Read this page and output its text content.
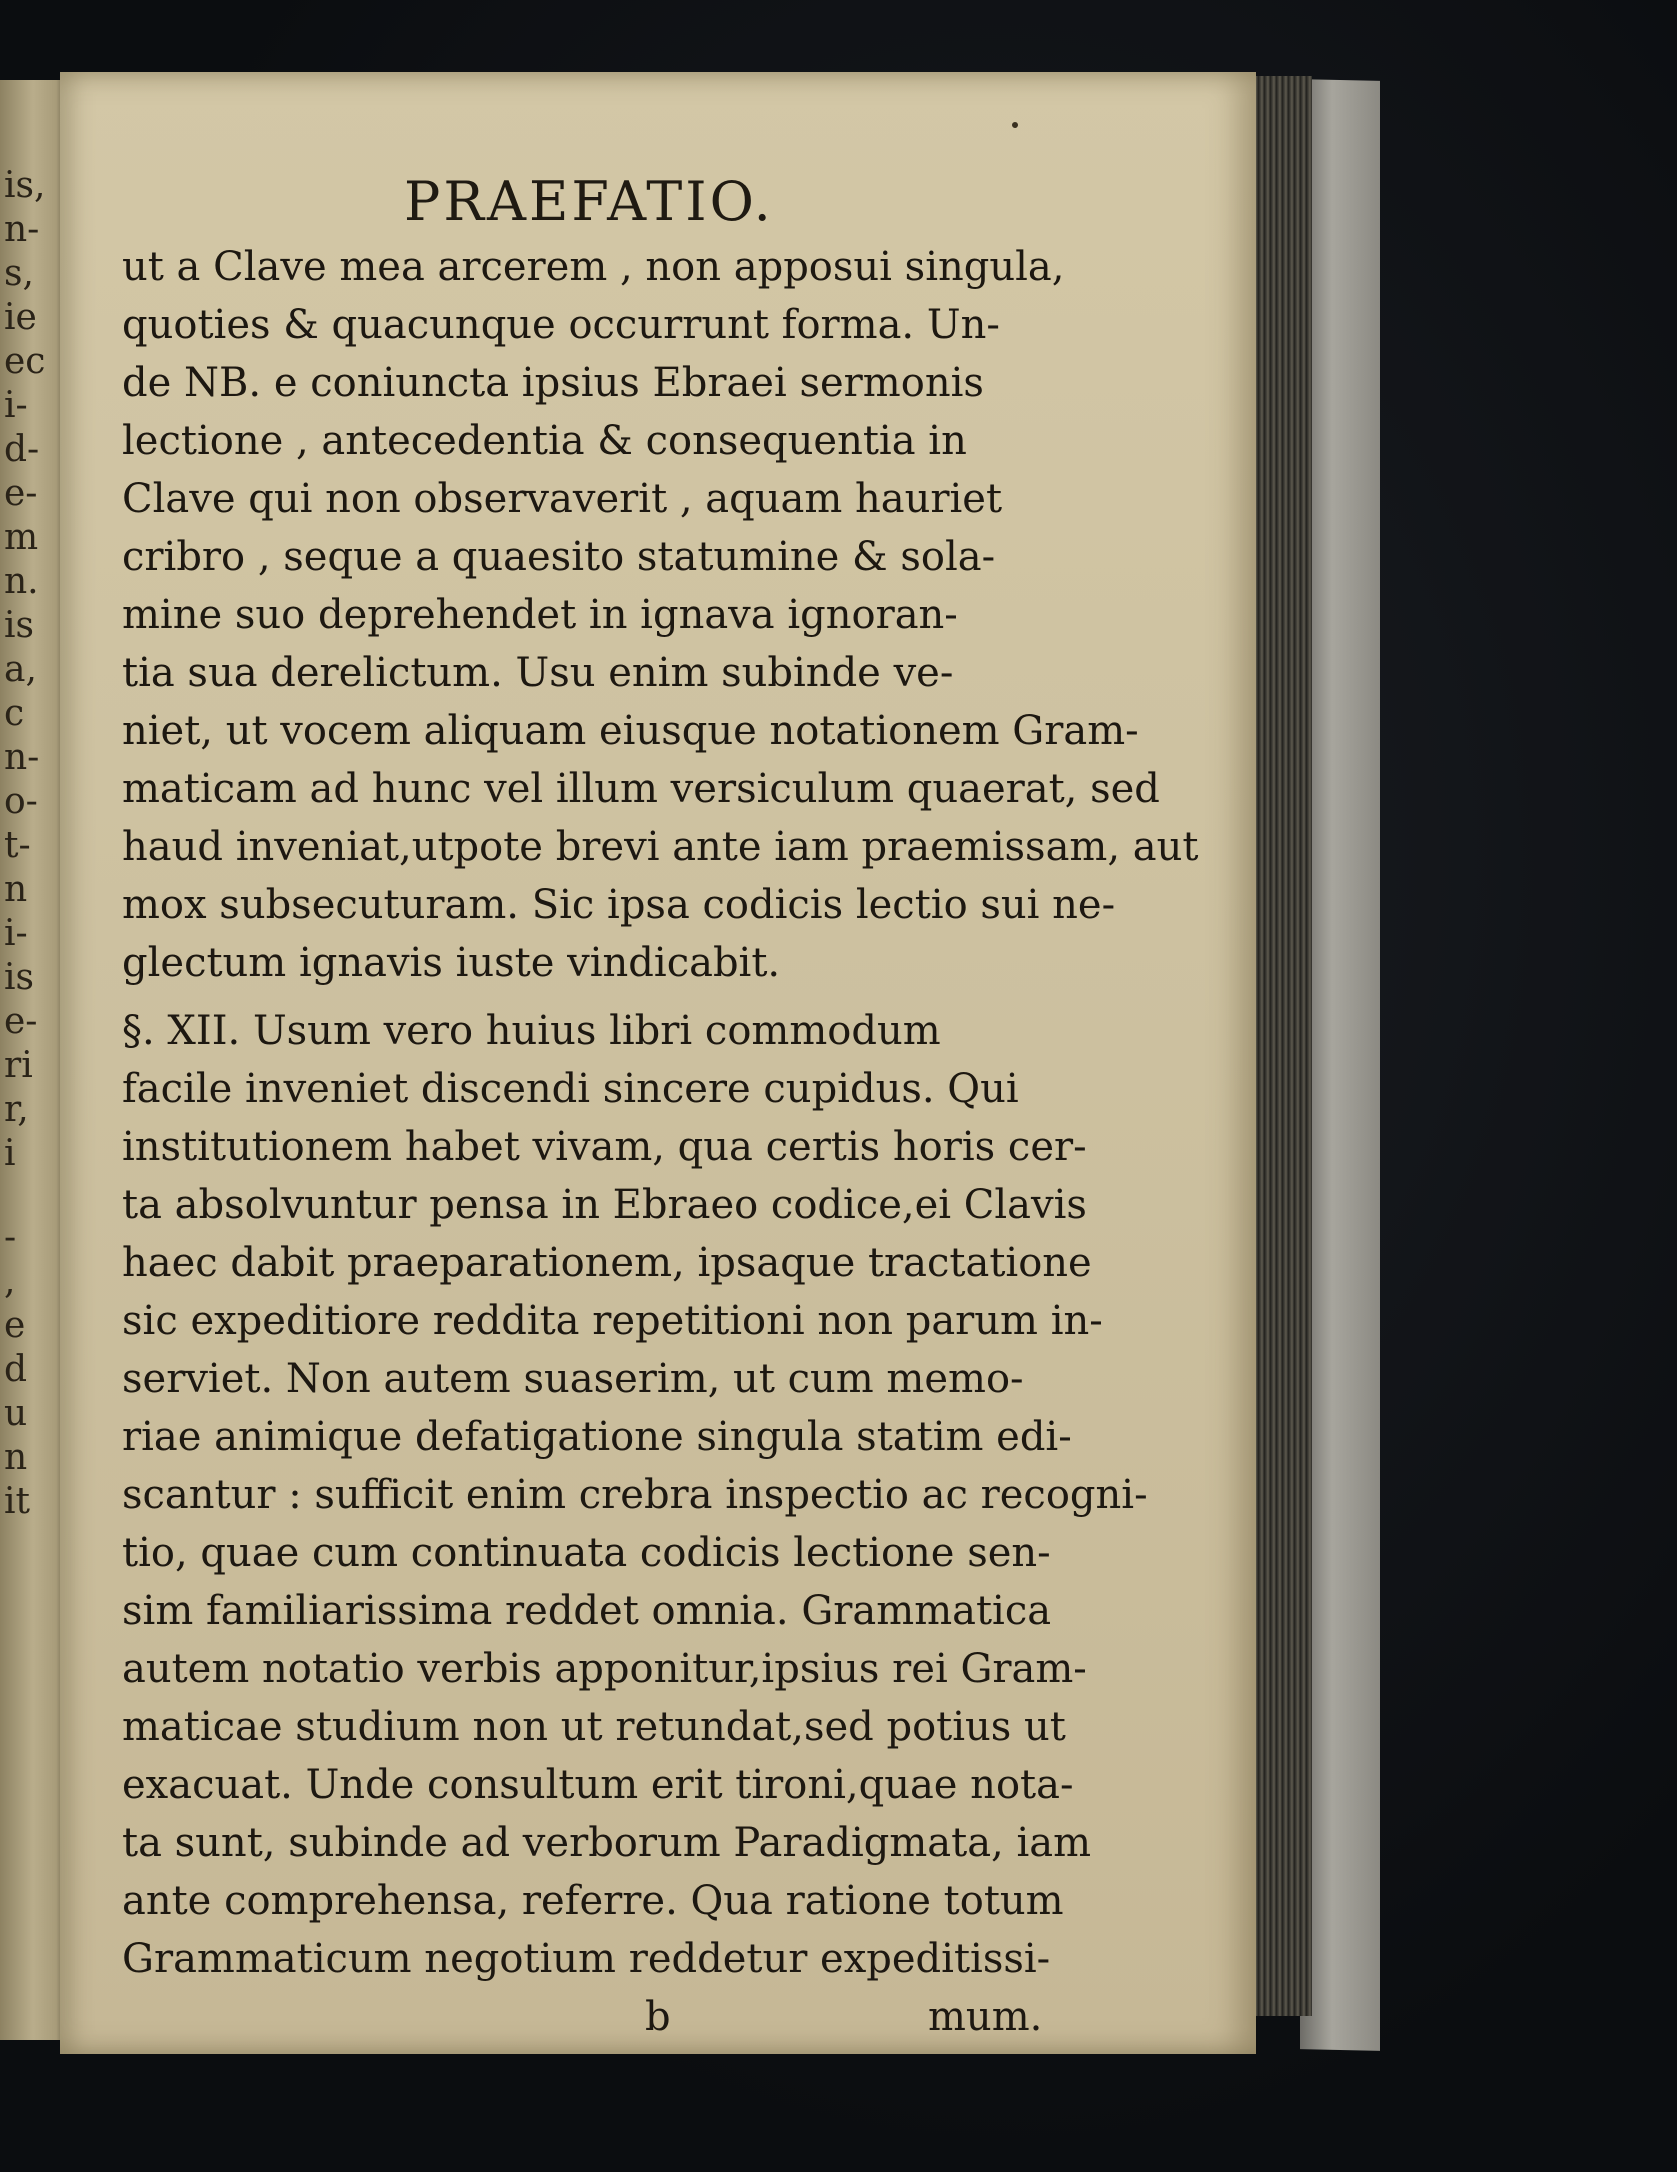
is,
n-
s,
ie
ec
i-
d-
e-
m
n.
is
a,
c
n-
o-
t-
n
i-
is
e-
ri
r,
i
-
,
e
d
u
n
it
PRAEFATIO.
ut a Clave mea arcerem , non apposui singula,
quoties & quacunque occurrunt forma. Un-
de NB. e coniuncta ipsius Ebraei sermonis
lectione , antecedentia & consequentia in
Clave qui non observaverit , aquam hauriet
cribro , seque a quaesito statumine & sola-
mine suo deprehendet in ignava ignoran-
tia sua derelictum. Usu enim subinde ve-
niet, ut vocem aliquam eiusque notationem Gram-
maticam ad hunc vel illum versiculum quaerat, sed
haud inveniat,utpote brevi ante iam praemissam, aut
mox subsecuturam. Sic ipsa codicis lectio sui ne-
glectum ignavis iuste vindicabit.
§. XII. Usum vero huius libri commodum
facile inveniet discendi sincere cupidus. Qui
institutionem habet vivam, qua certis horis cer-
ta absolvuntur pensa in Ebraeo codice,ei Clavis
haec dabit praeparationem, ipsaque tractatione
sic expeditiore reddita repetitioni non parum in-
serviet. Non autem suaserim, ut cum memo-
riae animique defatigatione singula statim edi-
scantur : sufficit enim crebra inspectio ac recogni-
tio, quae cum continuata codicis lectione sen-
sim familiarissima reddet omnia. Grammatica
autem notatio verbis apponitur,ipsius rei Gram-
maticae studium non ut retundat,sed potius ut
exacuat. Unde consultum erit tironi,quae nota-
ta sunt, subinde ad verborum Paradigmata, iam
ante comprehensa, referre. Qua ratione totum
Grammaticum negotium reddetur expeditissi-
b	mum.
